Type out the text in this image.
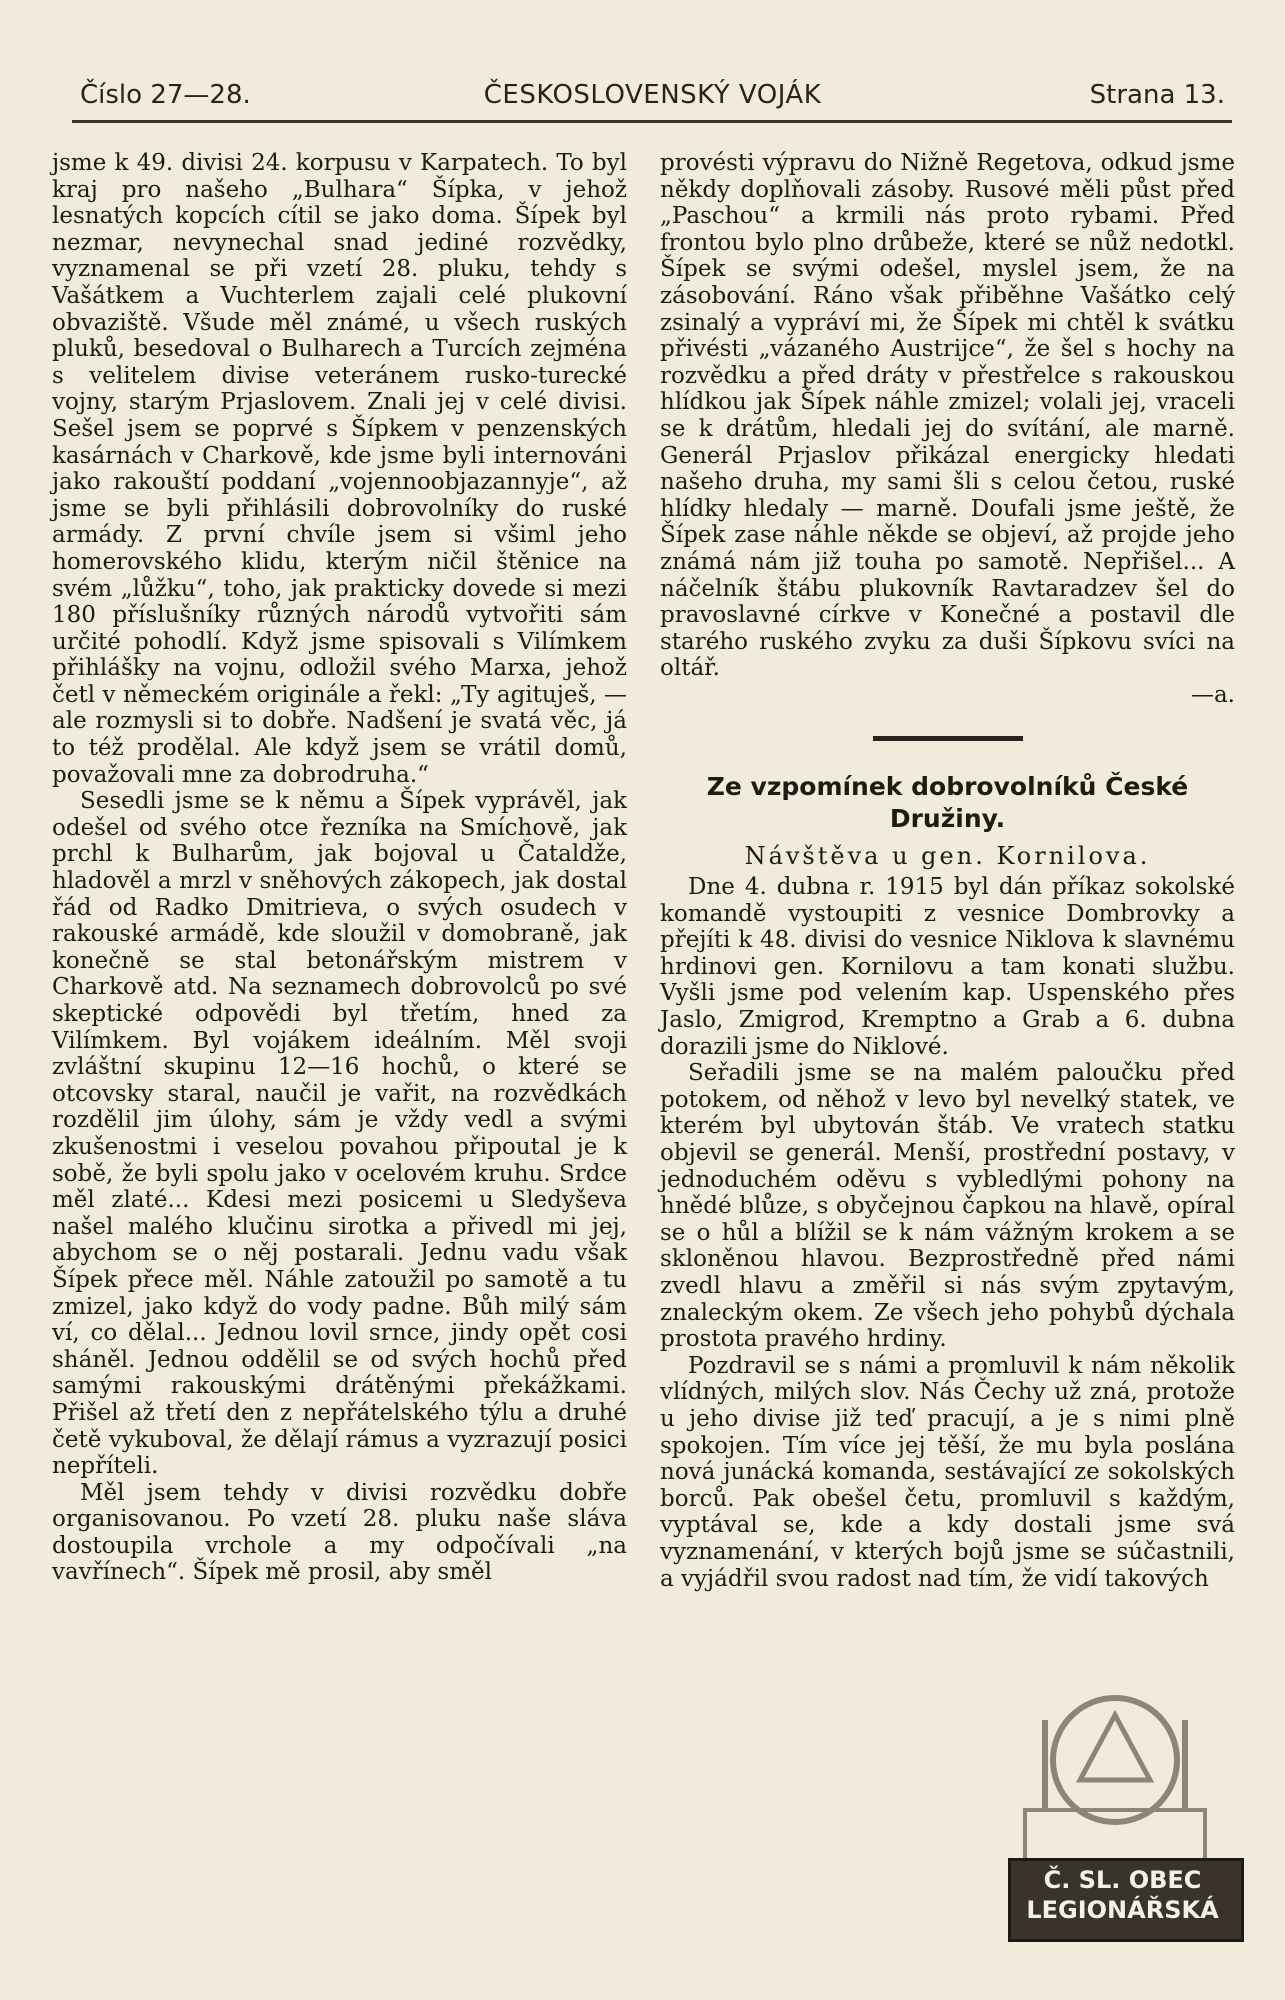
Číslo 27—28.	ČESKOSLOVENSKÝ VOJÁK	Strana 13.

jsme k 49. divisi 24. korpusu v Karpatech. To byl kraj pro našeho „Bulhara“ Šípka, v jehož lesnatých kopcích cítil se jako doma. Šípek byl nezmar, nevynechal snad jediné rozvědky, vyznamenal se při vzetí 28. pluku, tehdy s Vašátkem a Vuchterlem zajali celé plukovní obvaziště. Všude měl známé, u všech ruských pluků, besedoval o Bulharech a Turcích zejména s velitelem divise veteránem rusko-turecké vojny, starým Prjaslovem. Znali jej v celé divisi. Sešel jsem se poprvé s Šípkem v penzenských kasárnách v Charkově, kde jsme byli internováni jako rakouští poddaní „vojennoobjazannyje“, až jsme se byli přihlásili dobrovolníky do ruské armády. Z první chvíle jsem si všiml jeho homerovského klidu, kterým ničil štěnice na svém „lůžku“, toho, jak prakticky dovede si mezi 180 příslušníky různých národů vytvořiti sám určité pohodlí. Když jsme spisovali s Vilímkem přihlášky na vojnu, odložil svého Marxa, jehož četl v německém originále a řekl: „Ty agituješ, — ale rozmysli si to dobře. Nadšení je svatá věc, já to též prodělal. Ale když jsem se vrátil domů, považovali mne za dobrodruha.“

Sesedli jsme se k němu a Šípek vyprávěl, jak odešel od svého otce řezníka na Smíchově, jak prchl k Bulharům, jak bojoval u Čataldže, hladověl a mrzl v sněhových zákopech, jak dostal řád od Radko Dmitrieva, o svých osudech v rakouské armádě, kde sloužil v domobraně, jak konečně se stal betonářským mistrem v Charkově atd. Na seznamech dobrovolců po své skeptické odpovědi byl třetím, hned za Vilímkem. Byl vojákem ideálním. Měl svoji zvláštní skupinu 12—16 hochů, o které se otcovsky staral, naučil je vařit, na rozvědkách rozdělil jim úlohy, sám je vždy vedl a svými zkušenostmi i veselou povahou připoutal je k sobě, že byli spolu jako v ocelovém kruhu. Srdce měl zlaté... Kdesi mezi posicemi u Sledyševa našel malého klučinu sirotka a přivedl mi jej, abychom se o něj postarali. Jednu vadu však Šípek přece měl. Náhle zatoužil po samotě a tu zmizel, jako když do vody padne. Bůh milý sám ví, co dělal... Jednou lovil srnce, jindy opět cosi sháněl. Jednou oddělil se od svých hochů před samými rakouskými drátěnými překážkami. Přišel až třetí den z nepřátelského týlu a druhé četě vykuboval, že dělají rámus a vyzrazují posici nepříteli.

Měl jsem tehdy v divisi rozvědku dobře organisovanou. Po vzetí 28. pluku naše sláva dostoupila vrchole a my odpočívali „na vavřínech“. Šípek mě prosil, aby směl

provésti výpravu do Nižně Regetova, odkud jsme někdy doplňovali zásoby. Rusové měli půst před „Paschou“ a krmili nás proto rybami. Před frontou bylo plno drůbeže, které se nůž nedotkl. Šípek se svými odešel, myslel jsem, že na zásobování. Ráno však přiběhne Vašátko celý zsinalý a vypráví mi, že Šípek mi chtěl k svátku přivésti „vázaného Austrijce“, že šel s hochy na rozvědku a před dráty v přestřelce s rakouskou hlídkou jak Šípek náhle zmizel; volali jej, vraceli se k drátům, hledali jej do svítání, ale marně. Generál Prjaslov přikázal energicky hledati našeho druha, my sami šli s celou četou, ruské hlídky hledaly — marně. Doufali jsme ještě, že Šípek zase náhle někde se objeví, až projde jeho známá nám již touha po samotě. Nepřišel... A náčelník štábu plukovník Ravtaradzev šel do pravoslavné církve v Konečné a postavil dle starého ruského zvyku za duši Šípkovu svíci na oltář.

—a.

Ze vzpomínek dobrovolníků České Družiny.
Návštěva u gen. Kornilova.

Dne 4. dubna r. 1915 byl dán příkaz sokolské komandě vystoupiti z vesnice Dombrovky a přejíti k 48. divisi do vesnice Niklova k slavnému hrdinovi gen. Kornilovu a tam konati službu. Vyšli jsme pod velením kap. Uspenského přes Jaslo, Zmigrod, Kremptno a Grab a 6. dubna dorazili jsme do Niklové.

Seřadili jsme se na malém paloučku před potokem, od něhož v levo byl nevelký statek, ve kterém byl ubytován štáb. Ve vratech statku objevil se generál. Menší, prostřední postavy, v jednoduchém oděvu s vybledlými pohony na hnědé blůze, s obyčejnou čapkou na hlavě, opíral se o hůl a blížil se k nám vážným krokem a se skloněnou hlavou. Bezprostředně před námi zvedl hlavu a změřil si nás svým zpytavým, znaleckým okem. Ze všech jeho pohybů dýchala prostota pravého hrdiny.

Pozdravil se s námi a promluvil k nám několik vlídných, milých slov. Nás Čechy už zná, protože u jeho divise již teď pracují, a je s nimi plně spokojen. Tím více jej těší, že mu byla poslána nová junácká komanda, sestávající ze sokolských borců. Pak obešel četu, promluvil s každým, vyptával se, kde a kdy dostali jsme svá vyznamenání, v kterých bojů jsme se súčastnili, a vyjádřil svou radost nad tím, že vidí takových

Č. SL. OBEC
LEGIONÁŘSKÁ
